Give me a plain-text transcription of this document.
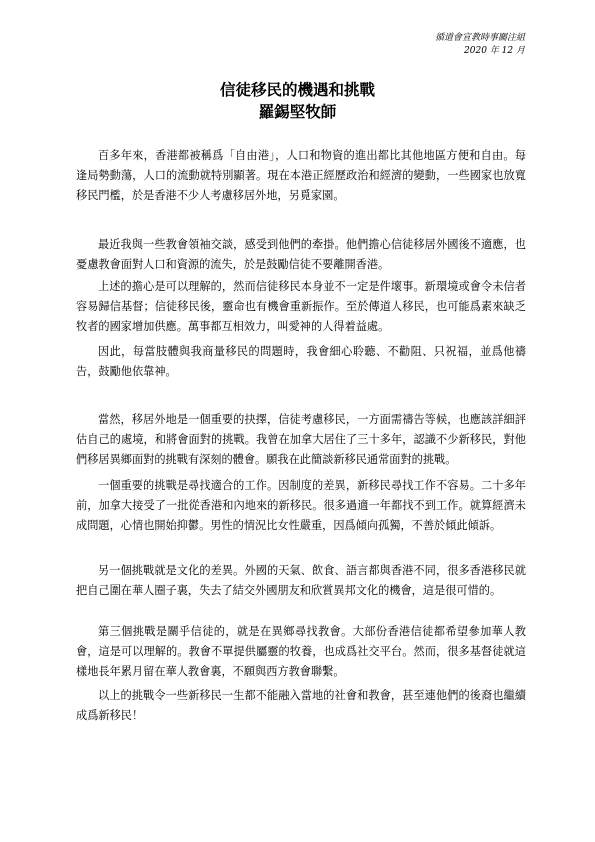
循道會宣教時事關注組
2020 年 12 月
信徒移民的機遇和挑戰
羅錫堅牧師

百多年來，香港都被稱爲「自由港」，人口和物資的進出都比其他地區方便和自由。每逢局勢動蕩，人口的流動就特別顯著。現在本港正經歷政治和經濟的變動，一些國家也放寬移民門檻，於是香港不少人考慮移居外地，另覓家園。

最近我與一些教會領袖交談，感受到他們的牽掛。他們擔心信徒移居外國後不適應，也憂慮教會面對人口和資源的流失，於是鼓勵信徒不要離開香港。

上述的擔心是可以理解的，然而信徒移民本身並不一定是件壞事。新環境或會令未信者容易歸信基督；信徒移民後，靈命也有機會重新振作。至於傳道人移民，也可能爲素來缺乏牧者的國家增加供應。萬事都互相效力，叫愛神的人得着益處。

因此，每當肢體與我商量移民的問題時，我會細心聆聽、不勸阻、只祝福，並爲他禱告，鼓勵他依靠神。

當然，移居外地是一個重要的抉擇，信徒考慮移民，一方面需禱告等候，也應該詳細評估自己的處境，和將會面對的挑戰。我曾在加拿大居住了三十多年，認識不少新移民，對他們移居異鄉面對的挑戰有深刻的體會。願我在此簡談新移民通常面對的挑戰。

一個重要的挑戰是尋找適合的工作。因制度的差異，新移民尋找工作不容易。二十多年前，加拿大接受了一批從香港和內地來的新移民。很多過適一年都找不到工作。就算經濟未成問題，心情也開始抑鬱。男性的情況比女性嚴重，因爲傾向孤獨，不善於傾此傾訴。

另一個挑戰就是文化的差異。外國的天氣、飲食、語言都與香港不同，很多香港移民就把自己圍在華人圈子裏，失去了結交外國朋友和欣賞異邦文化的機會，這是很可惜的。

第三個挑戰是關乎信徒的，就是在異鄉尋找教會。大部份香港信徒都希望參加華人教會，這是可以理解的。教會不單提供屬靈的牧養，也成爲社交平台。然而，很多基督徒就這樣地長年累月留在華人教會裏，不願與西方教會聯繫。

以上的挑戰令一些新移民一生都不能融入當地的社會和教會，甚至連他們的後裔也繼續成爲新移民！
